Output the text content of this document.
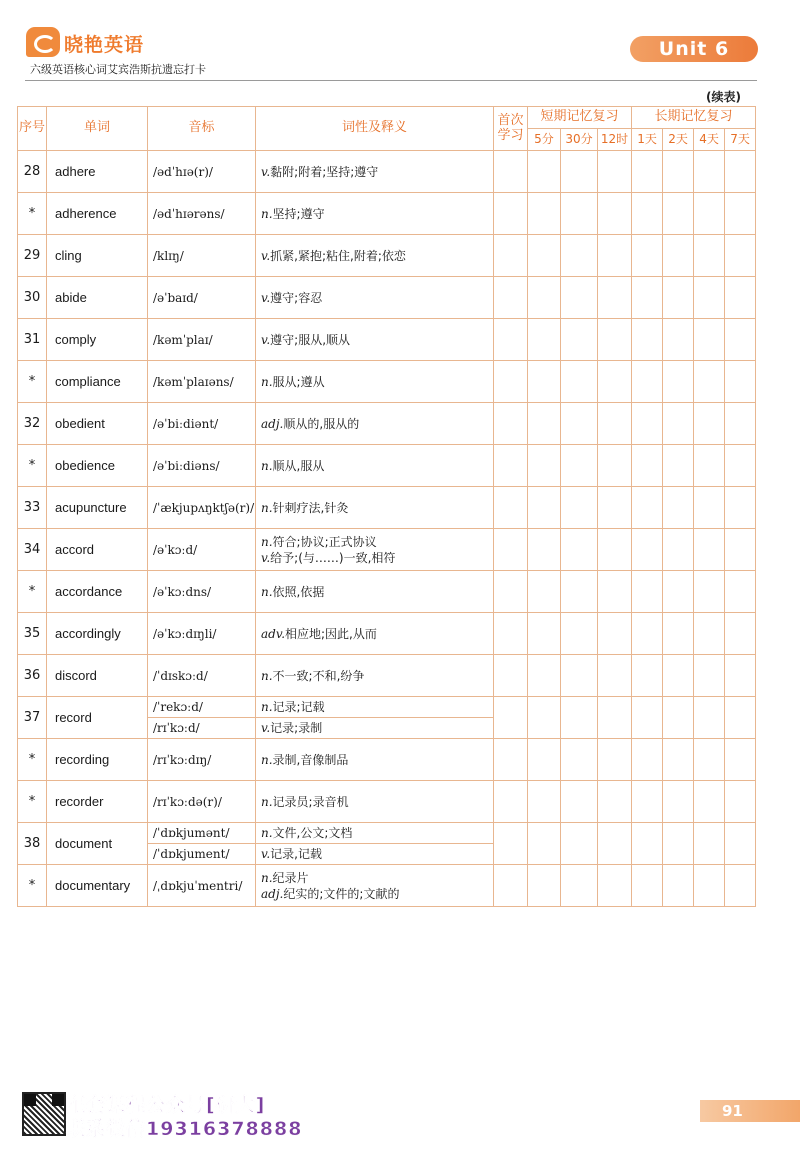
晓艳英语
六级英语核心词艾宾浩斯抗遗忘打卡
Unit 6
(续表)
序号	单词	音标	词性及释义	首次学习	短期记忆复习			长期记忆复习			
					5分	30分	12时	1天	2天	4天	7天
28	adhere	/ədˈhɪə(r)/	v.黏附;附着;坚持;遵守								
*	adherence	/ədˈhɪərəns/	n.坚持;遵守								
29	cling	/klɪŋ/	v.抓紧,紧抱;粘住,附着;依恋								
30	abide	/əˈbaɪd/	v.遵守;容忍								
31	comply	/kəmˈplaɪ/	v.遵守;服从,顺从								
*	compliance	/kəmˈplaɪəns/	n.服从;遵从								
32	obedient	/əˈbiːdiənt/	adj.顺从的,服从的								
*	obedience	/əˈbiːdiəns/	n.顺从,服从								
33	acupuncture	/ˈækjupʌŋktʃə(r)/	n.针刺疗法,针灸								
34	accord	/əˈkɔːd/	n.符合;协议;正式协议
v.给予;(与……)一致,相符								
*	accordance	/əˈkɔːdns/	n.依照,依据								
35	accordingly	/əˈkɔːdɪŋli/	adv.相应地;因此,从而								
36	discord	/ˈdɪskɔːd/	n.不一致;不和,纷争								
37	record	/ˈrekɔːd/	n.记录;记载								
		/rɪˈkɔːd/	v.记录;录制								
*	recording	/rɪˈkɔːdɪŋ/	n.录制,音像制品								
*	recorder	/rɪˈkɔːdə(r)/	n.记录员;录音机								
38	document	/ˈdɒkjumənt/	n.文件,公文;文档								
		/ˈdɒkjument/	v.记录,记载								
*	documentary	/ˌdɒkjuˈmentri/	n.纪录片
adj.纪实的;文件的;文献的								
配套课程公众号[研大]
联系微信19316378888
91
